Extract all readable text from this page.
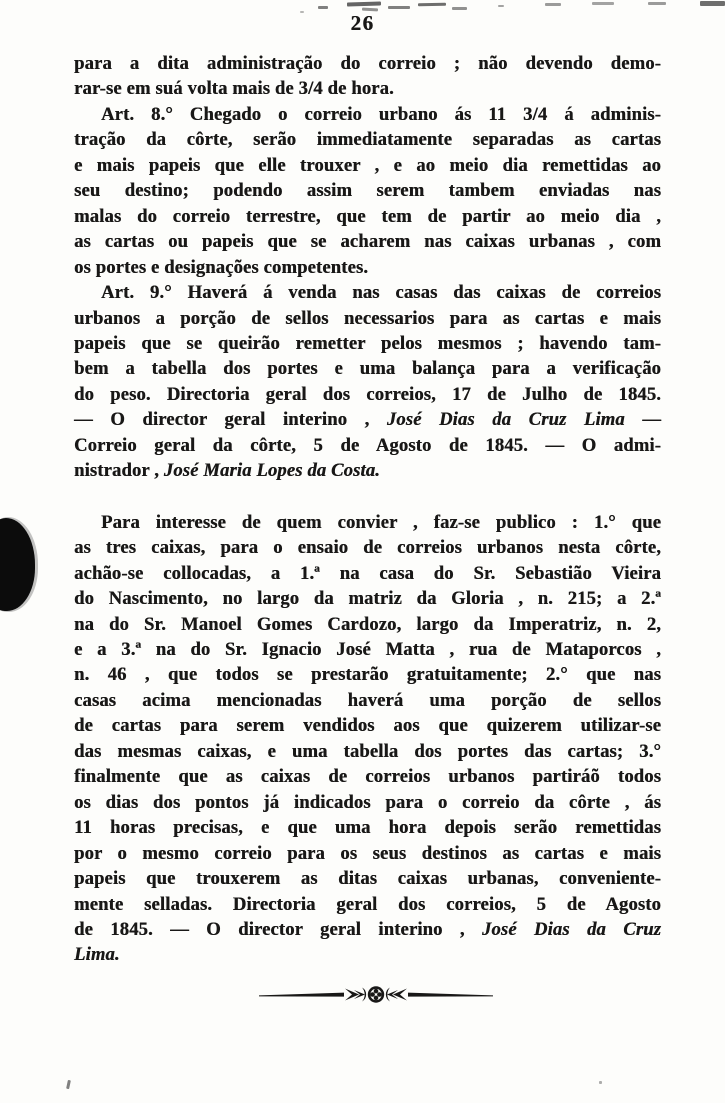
26
para a dita administração do correio ; não devendo demo-
rar-se em suá volta mais de 3/4 de hora.
Art. 8.° Chegado o correio urbano ás 11 3/4 á adminis-
tração da côrte, serão immediatamente separadas as cartas
e mais papeis que elle trouxer , e ao meio dia remettidas ao
seu destino; podendo assim serem tambem enviadas nas
malas do correio terrestre, que tem de partir ao meio dia ,
as cartas ou papeis que se acharem nas caixas urbanas , com
os portes e designações competentes.
Art. 9.° Haverá á venda nas casas das caixas de correios
urbanos a porção de sellos necessarios para as cartas e mais
papeis que se queirão remetter pelos mesmos ; havendo tam-
bem a tabella dos portes e uma balança para a verificação
do peso. Directoria geral dos correios, 17 de Julho de 1845.
— O director geral interino , José Dias da Cruz Lima —
Correio geral da côrte, 5 de Agosto de 1845. — O admi-
nistrador , José Maria Lopes da Costa.
Para interesse de quem convier , faz-se publico : 1.° que
as tres caixas, para o ensaio de correios urbanos nesta côrte,
achão-se collocadas, a 1.ª na casa do Sr. Sebastião Vieira
do Nascimento, no largo da matriz da Gloria , n. 215; a 2.ª
na do Sr. Manoel Gomes Cardozo, largo da Imperatriz, n. 2,
e a 3.ª na do Sr. Ignacio José Matta , rua de Mataporcos ,
n. 46 , que todos se prestarão gratuitamente; 2.° que nas
casas acima mencionadas haverá uma porção de sellos
de cartas para serem vendidos aos que quizerem utilizar-se
das mesmas caixas, e uma tabella dos portes das cartas; 3.°
finalmente que as caixas de correios urbanos partiráõ todos
os dias dos pontos já indicados para o correio da côrte , ás
11 horas precisas, e que uma hora depois serão remettidas
por o mesmo correio para os seus destinos as cartas e mais
papeis que trouxerem as ditas caixas urbanas, conveniente-
mente selladas. Directoria geral dos correios, 5 de Agosto
de 1845. — O director geral interino , José Dias da Cruz
Lima.
